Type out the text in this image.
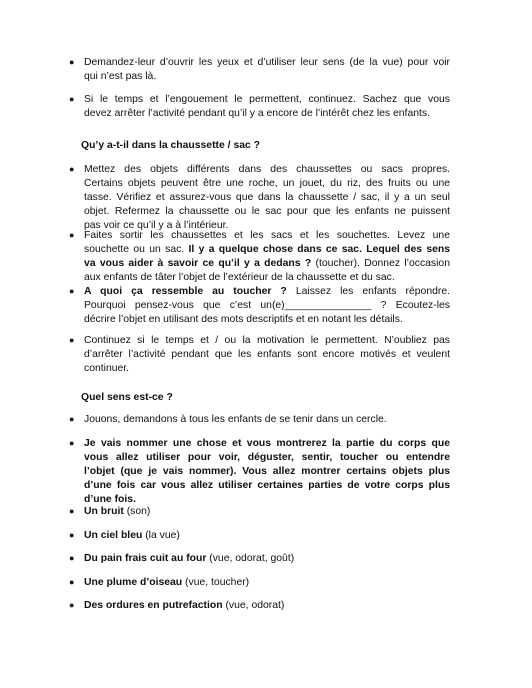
● Demandez-leur d’ouvrir les yeux et d’utiliser leur sens (de la vue) pour voir
qui n’est pas là.
● Si le temps et l’engouement le permettent, continuez. Sachez que vous
devez arrêter l’activité pendant qu’il y a encore de l’intérêt chez les enfants.
Qu’y a-t-il dans la chaussette / sac ?
● Mettez des objets différents dans des chaussettes ou sacs propres.
Certains objets peuvent être une roche, un jouet, du riz, des fruits ou une
tasse. Vérifiez et assurez-vous que dans la chaussette / sac, il y a un seul
objet. Refermez la chaussette ou le sac pour que les enfants ne puissent
pas voir ce qu’il y a à l’intérieur.
● Faites sortir les chaussettes et les sacs et les souchettes. Levez une
souchette ou un sac. Il y a quelque chose dans ce sac. Lequel des sens
va vous aider à savoir ce qu’il y a dedans ? (toucher). Donnez l’occasion
aux enfants de tâter l’objet de l’extérieur de la chaussette et du sac.
● A quoi ça ressemble au toucher ? Laissez les enfants répondre.
Pourquoi pensez-vous que c’est un(e)_______________ ? Ecoutez-les
décrire l’objet en utilisant des mots descriptifs et en notant les détails.
● Continuez si le temps et / ou la motivation le permettent. N’oubliez pas
d’arrêter l’activité pendant que les enfants sont encore motivés et veulent
continuer.
Quel sens est-ce ?
● Jouons, demandons à tous les enfants de se tenir dans un cercle.
● Je vais nommer une chose et vous montrerez la partie du corps que
vous allez utiliser pour voir, déguster, sentir, toucher ou entendre
l’objet (que je vais nommer). Vous allez montrer certains objets plus
d’une fois car vous allez utiliser certaines parties de votre corps plus
d’une fois.
● Un bruit (son)
● Un ciel bleu (la vue)
● Du pain frais cuit au four (vue, odorat, goût)
● Une plume d’oiseau (vue, toucher)
● Des ordures en putrefaction (vue, odorat)
